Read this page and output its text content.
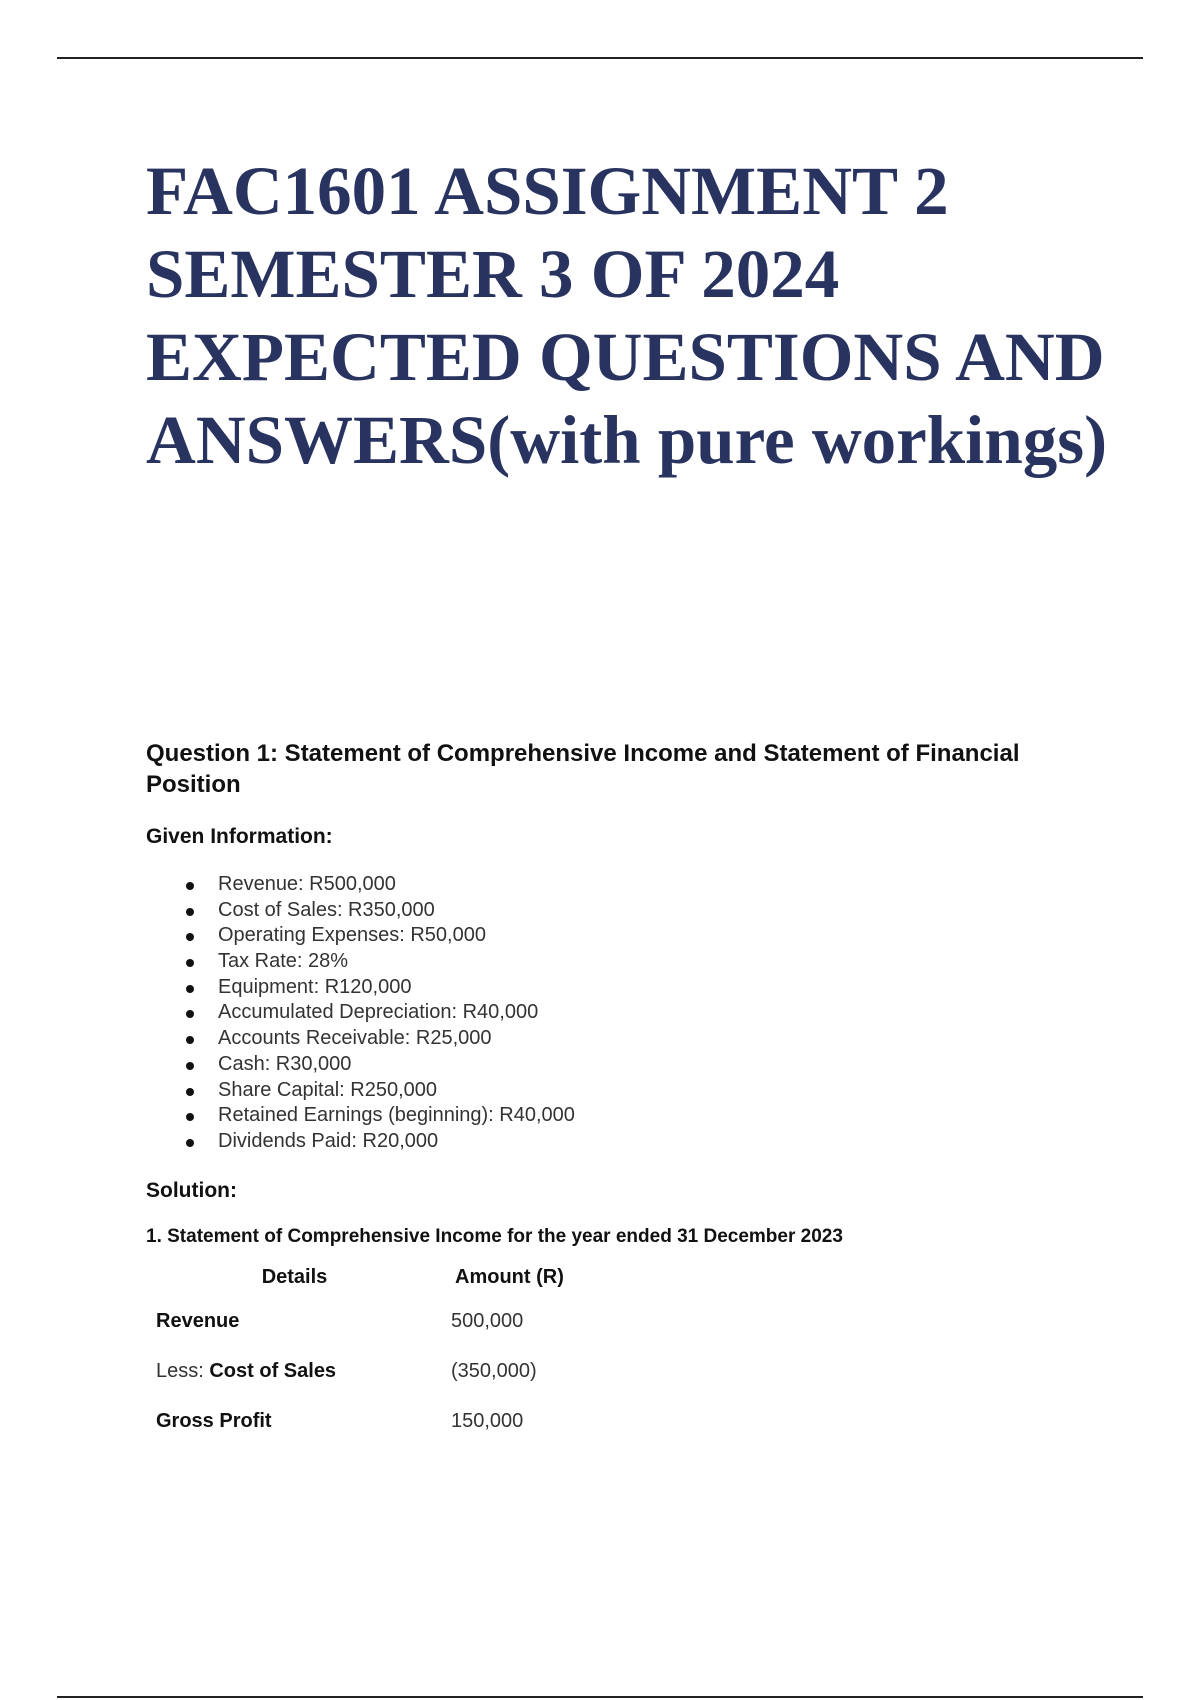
FAC1601 ASSIGNMENT 2 SEMESTER 3 OF 2024 EXPECTED QUESTIONS AND ANSWERS(with pure workings)
Question 1: Statement of Comprehensive Income and Statement of Financial Position

Given Information:

Revenue: R500,000
Cost of Sales: R350,000
Operating Expenses: R50,000
Tax Rate: 28%
Equipment: R120,000
Accumulated Depreciation: R40,000
Accounts Receivable: R25,000
Cash: R30,000
Share Capital: R250,000
Retained Earnings (beginning): R40,000
Dividends Paid: R20,000

Solution:

1. Statement of Comprehensive Income for the year ended 31 December 2023

Details	Amount (R)
Revenue	500,000
Less: Cost of Sales	(350,000)
Gross Profit	150,000
